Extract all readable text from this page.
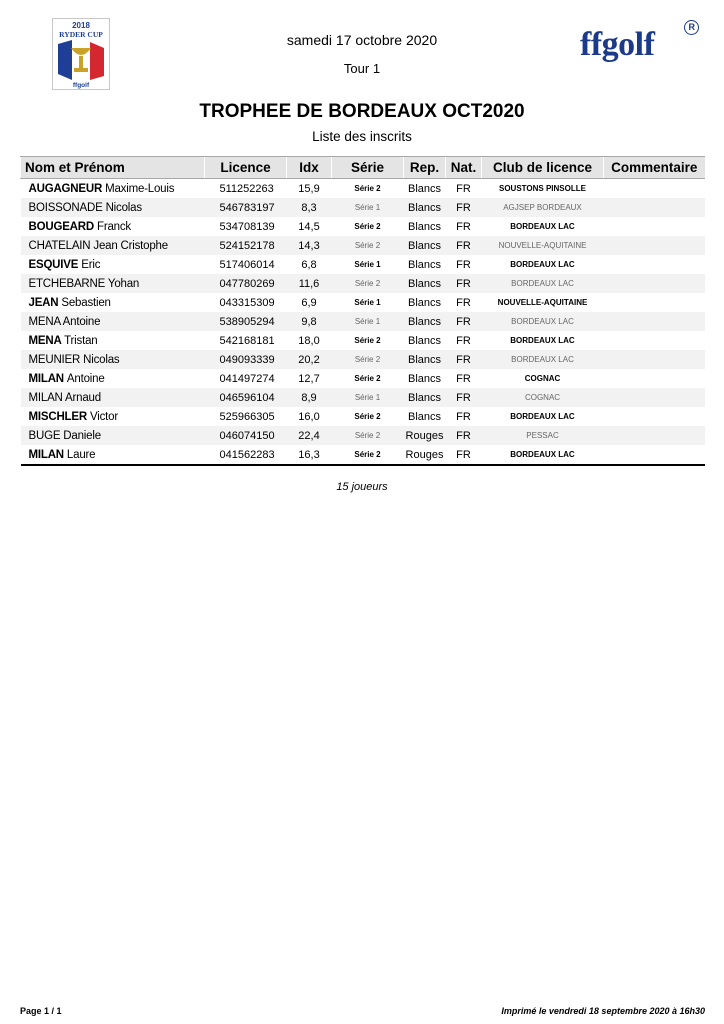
2018
RYDER CUP
ffgolf
samedi 17 octobre 2020
Tour 1
ffgolf	R
TROPHEE DE BORDEAUX OCT2020
Liste des inscrits
Nom et Prénom	Licence	Idx	Série	Rep.	Nat.	Club de licence	Commentaire
AUGAGNEUR Maxime-Louis	511252263	15,9	Série 2	Blancs	FR	SOUSTONS PINSOLLE	
BOISSONADE Nicolas	546783197	8,3	Série 1	Blancs	FR	AGJSEP BORDEAUX	
BOUGEARD Franck	534708139	14,5	Série 2	Blancs	FR	BORDEAUX LAC	
CHATELAIN Jean Cristophe	524152178	14,3	Série 2	Blancs	FR	NOUVELLE-AQUITAINE	
ESQUIVE Eric	517406014	6,8	Série 1	Blancs	FR	BORDEAUX LAC	
ETCHEBARNE Yohan	047780269	11,6	Série 2	Blancs	FR	BORDEAUX LAC	
JEAN Sebastien	043315309	6,9	Série 1	Blancs	FR	NOUVELLE-AQUITAINE	
MENA Antoine	538905294	9,8	Série 1	Blancs	FR	BORDEAUX LAC	
MENA Tristan	542168181	18,0	Série 2	Blancs	FR	BORDEAUX LAC	
MEUNIER Nicolas	049093339	20,2	Série 2	Blancs	FR	BORDEAUX LAC	
MILAN Antoine	041497274	12,7	Série 2	Blancs	FR	COGNAC	
MILAN Arnaud	046596104	8,9	Série 1	Blancs	FR	COGNAC	
MISCHLER Victor	525966305	16,0	Série 2	Blancs	FR	BORDEAUX LAC	
BUGE Daniele	046074150	22,4	Série 2	Rouges	FR	PESSAC	
MILAN Laure	041562283	16,3	Série 2	Rouges	FR	BORDEAUX LAC	
15 joueurs
Page 1 / 1	Imprimé le vendredi 18 septembre 2020 à 16h30
